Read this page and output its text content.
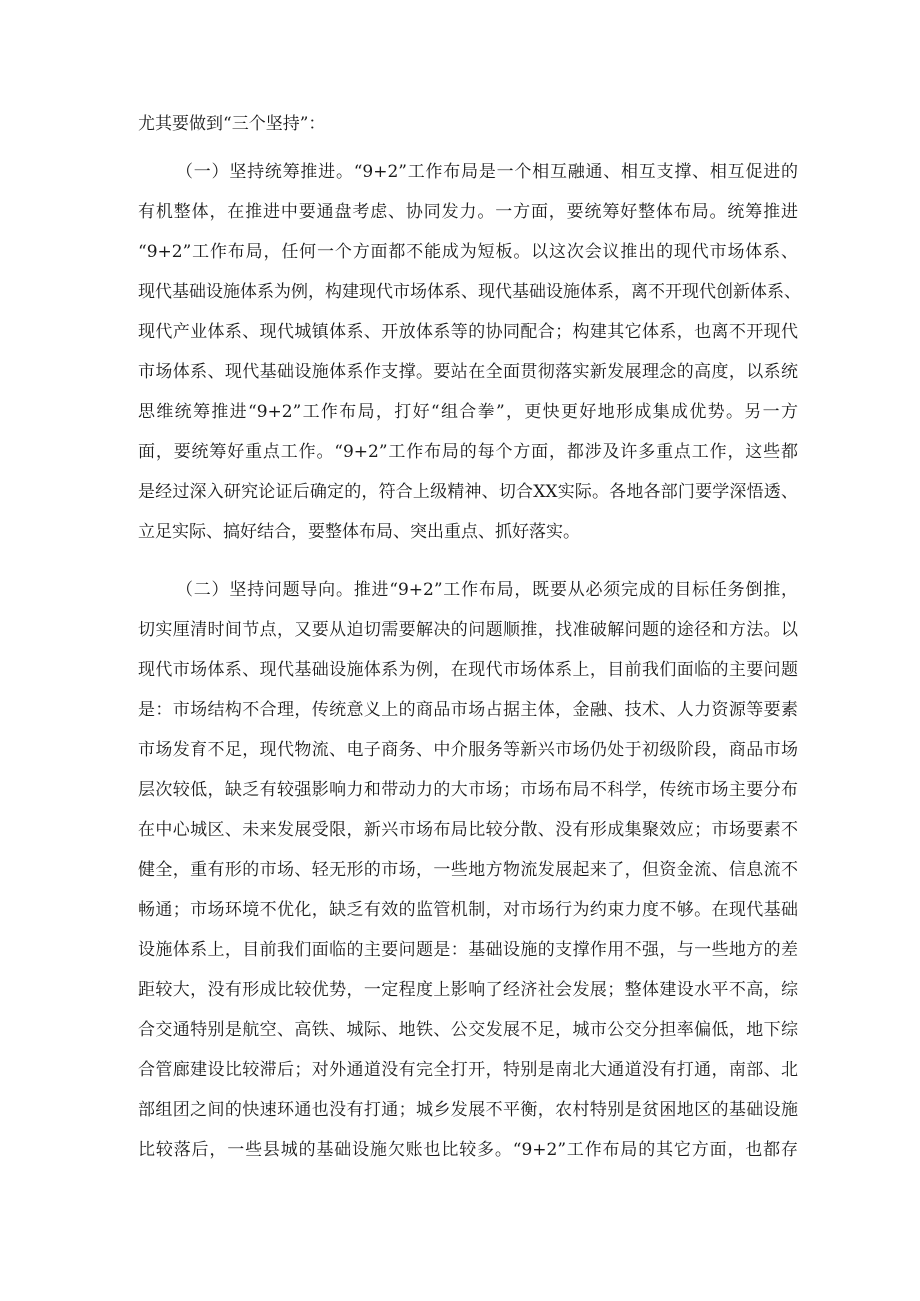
尤其要做到“三个坚持”：
（一）坚持统筹推进。“9+2”工作布局是一个相互融通、相互支撑、相互促进的
有机整体，在推进中要通盘考虑、协同发力。一方面，要统筹好整体布局。统筹推进
“9+2”工作布局，任何一个方面都不能成为短板。以这次会议推出的现代市场体系、
现代基础设施体系为例，构建现代市场体系、现代基础设施体系，离不开现代创新体系、
现代产业体系、现代城镇体系、开放体系等的协同配合；构建其它体系，也离不开现代
市场体系、现代基础设施体系作支撑。要站在全面贯彻落实新发展理念的高度，以系统
思维统筹推进“9+2”工作布局，打好“组合拳”，更快更好地形成集成优势。另一方
面，要统筹好重点工作。“9+2”工作布局的每个方面，都涉及许多重点工作，这些都
是经过深入研究论证后确定的，符合上级精神、切合XX实际。各地各部门要学深悟透、
立足实际、搞好结合，要整体布局、突出重点、抓好落实。
（二）坚持问题导向。推进“9+2”工作布局，既要从必须完成的目标任务倒推，
切实厘清时间节点，又要从迫切需要解决的问题顺推，找准破解问题的途径和方法。以
现代市场体系、现代基础设施体系为例，在现代市场体系上，目前我们面临的主要问题
是：市场结构不合理，传统意义上的商品市场占据主体，金融、技术、人力资源等要素
市场发育不足，现代物流、电子商务、中介服务等新兴市场仍处于初级阶段，商品市场
层次较低，缺乏有较强影响力和带动力的大市场；市场布局不科学，传统市场主要分布
在中心城区、未来发展受限，新兴市场布局比较分散、没有形成集聚效应；市场要素不
健全，重有形的市场、轻无形的市场，一些地方物流发展起来了，但资金流、信息流不
畅通；市场环境不优化，缺乏有效的监管机制，对市场行为约束力度不够。在现代基础
设施体系上，目前我们面临的主要问题是：基础设施的支撑作用不强，与一些地方的差
距较大，没有形成比较优势，一定程度上影响了经济社会发展；整体建设水平不高，综
合交通特别是航空、高铁、城际、地铁、公交发展不足，城市公交分担率偏低，地下综
合管廊建设比较滞后；对外通道没有完全打开，特别是南北大通道没有打通，南部、北
部组团之间的快速环通也没有打通；城乡发展不平衡，农村特别是贫困地区的基础设施
比较落后，一些县城的基础设施欠账也比较多。“9+2”工作布局的其它方面，也都存
